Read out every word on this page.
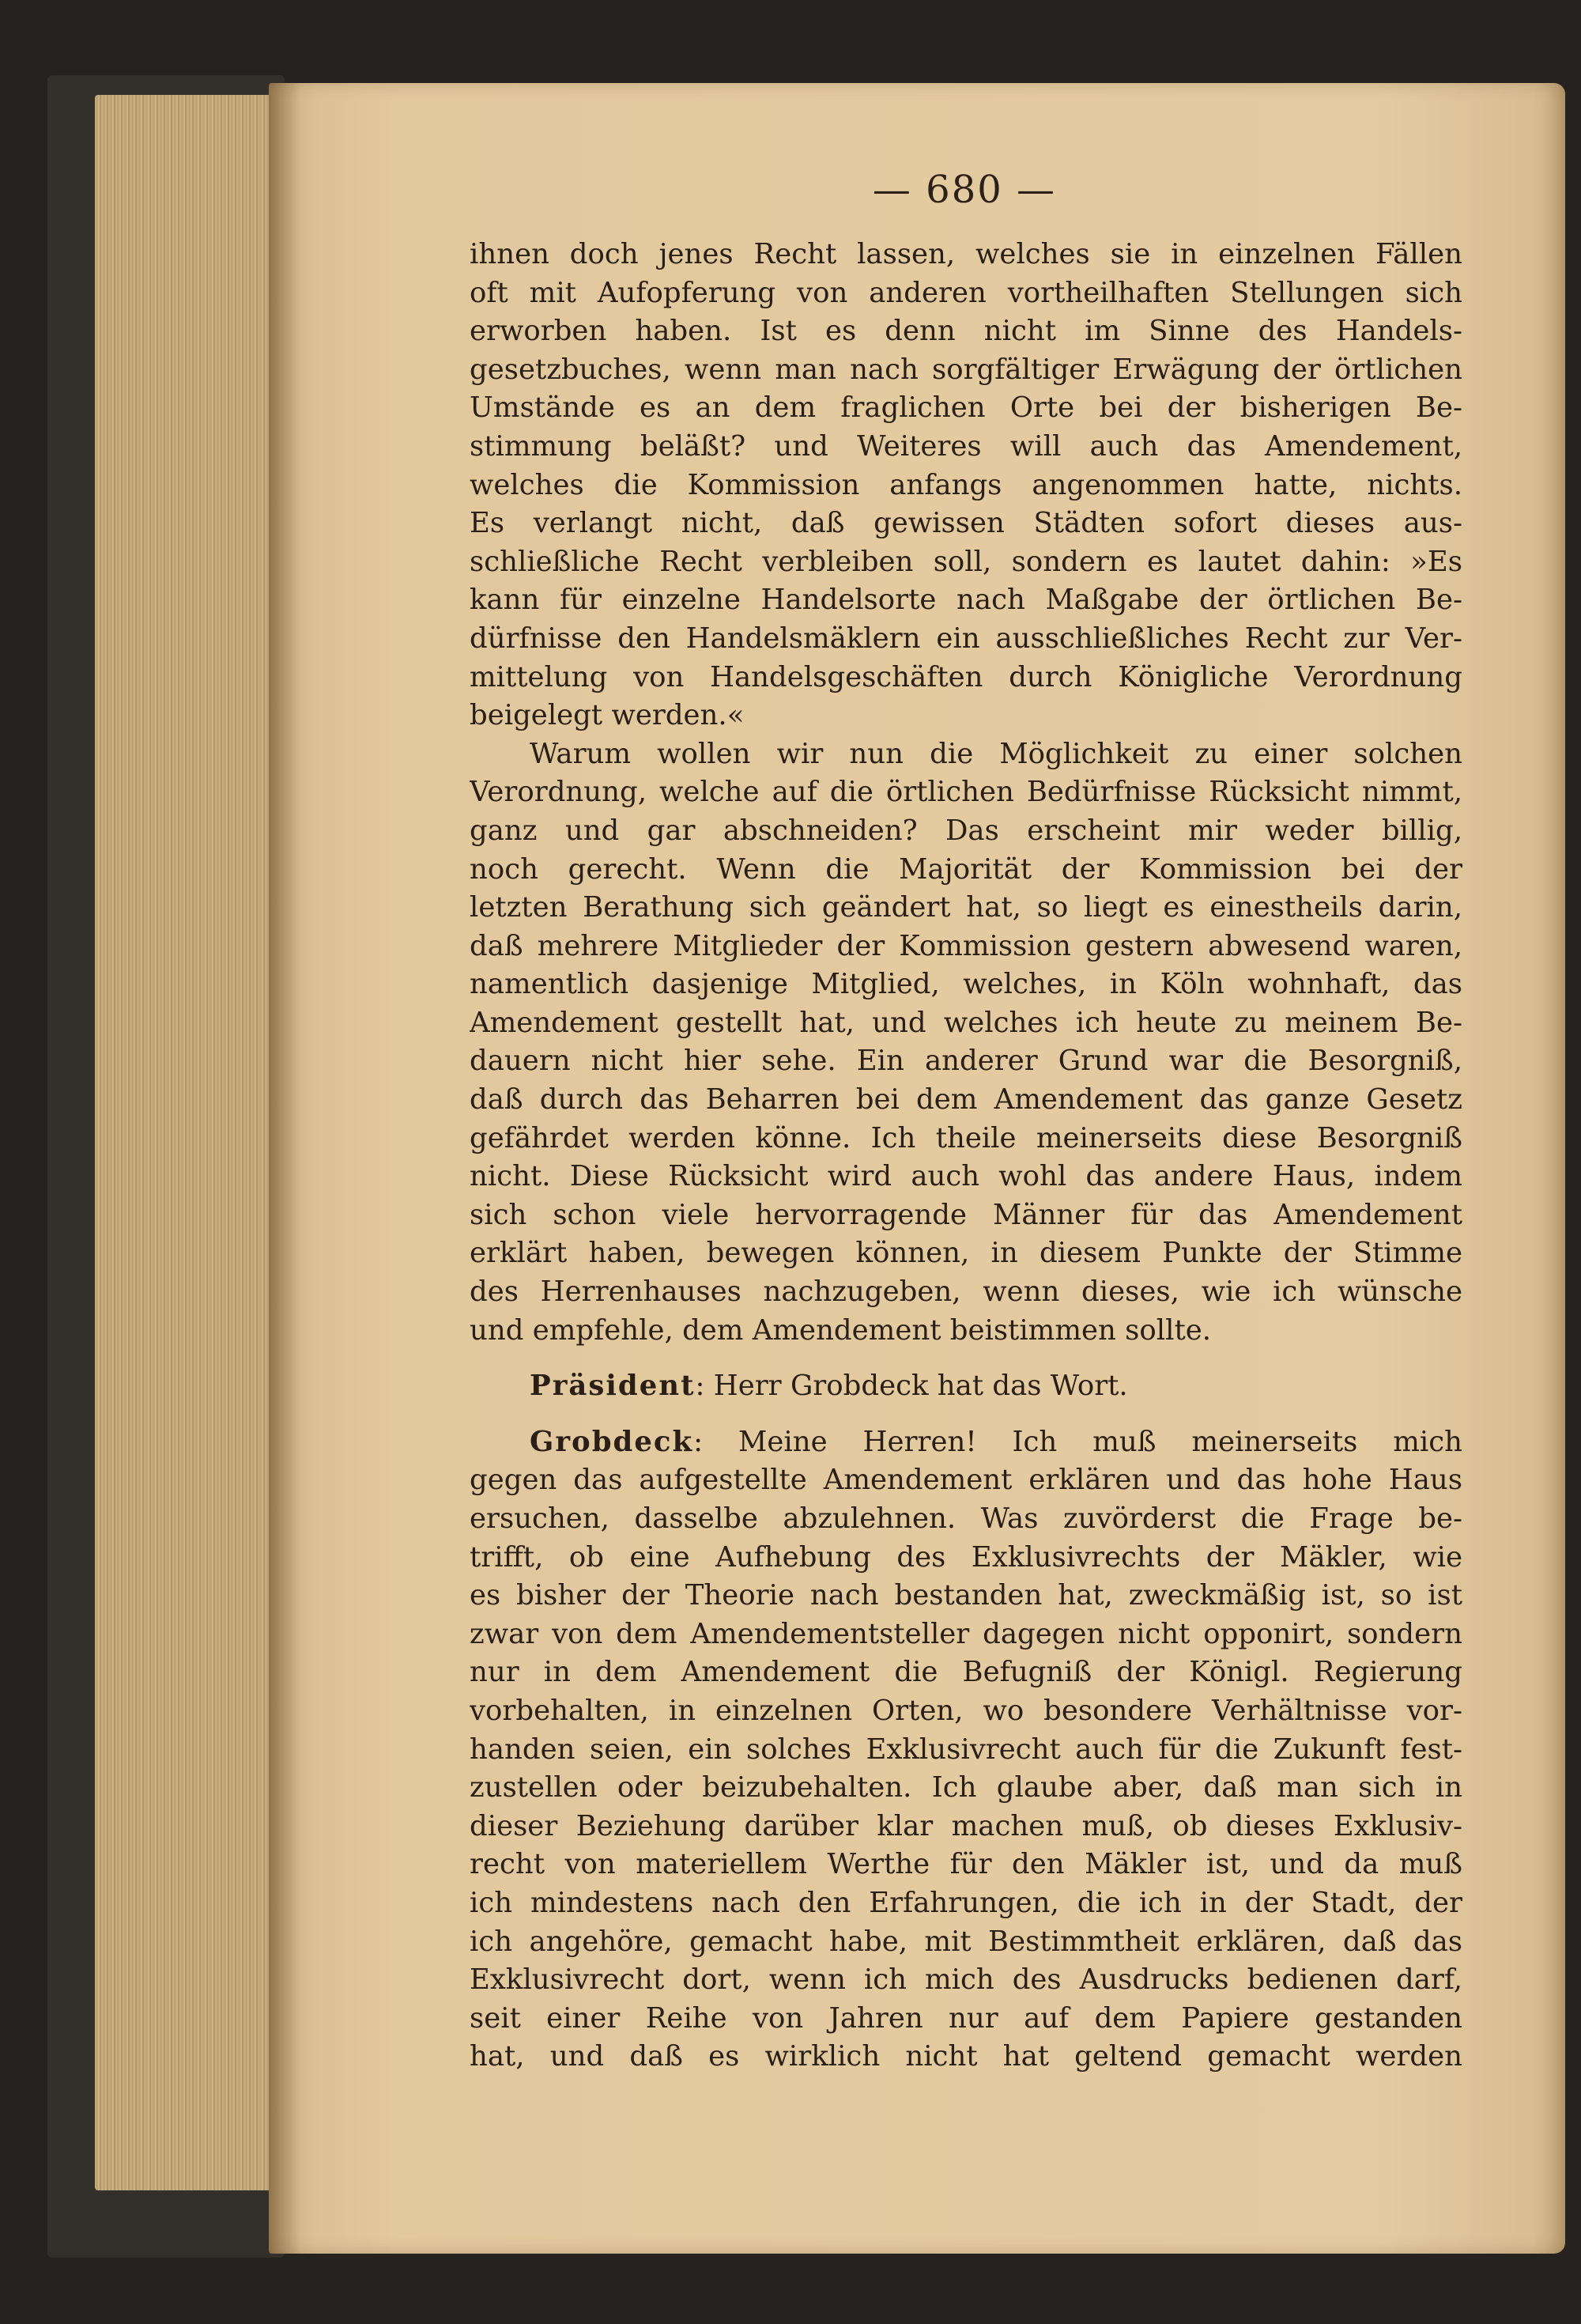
— 680 —
ihnen doch jenes Recht lassen, welches sie in einzelnen Fällen
oft mit Aufopferung von anderen vortheilhaften Stellungen sich
erworben haben. Ist es denn nicht im Sinne des Handels-
gesetzbuches, wenn man nach sorgfältiger Erwägung der örtlichen
Umstände es an dem fraglichen Orte bei der bisherigen Be-
stimmung beläßt? und Weiteres will auch das Amendement,
welches die Kommission anfangs angenommen hatte, nichts.
Es verlangt nicht, daß gewissen Städten sofort dieses aus-
schließliche Recht verbleiben soll, sondern es lautet dahin: »Es
kann für einzelne Handelsorte nach Maßgabe der örtlichen Be-
dürfnisse den Handelsmäklern ein ausschließliches Recht zur Ver-
mittelung von Handelsgeschäften durch Königliche Verordnung
beigelegt werden.«
Warum wollen wir nun die Möglichkeit zu einer solchen
Verordnung, welche auf die örtlichen Bedürfnisse Rücksicht nimmt,
ganz und gar abschneiden? Das erscheint mir weder billig,
noch gerecht. Wenn die Majorität der Kommission bei der
letzten Berathung sich geändert hat, so liegt es einestheils darin,
daß mehrere Mitglieder der Kommission gestern abwesend waren,
namentlich dasjenige Mitglied, welches, in Köln wohnhaft, das
Amendement gestellt hat, und welches ich heute zu meinem Be-
dauern nicht hier sehe. Ein anderer Grund war die Besorgniß,
daß durch das Beharren bei dem Amendement das ganze Gesetz
gefährdet werden könne. Ich theile meinerseits diese Besorgniß
nicht. Diese Rücksicht wird auch wohl das andere Haus, indem
sich schon viele hervorragende Männer für das Amendement
erklärt haben, bewegen können, in diesem Punkte der Stimme
des Herrenhauses nachzugeben, wenn dieses, wie ich wünsche
und empfehle, dem Amendement beistimmen sollte.
Präsident: Herr Grobdeck hat das Wort.
Grobdeck: Meine Herren! Ich muß meinerseits mich
gegen das aufgestellte Amendement erklären und das hohe Haus
ersuchen, dasselbe abzulehnen. Was zuvörderst die Frage be-
trifft, ob eine Aufhebung des Exklusivrechts der Mäkler, wie
es bisher der Theorie nach bestanden hat, zweckmäßig ist, so ist
zwar von dem Amendementsteller dagegen nicht opponirt, sondern
nur in dem Amendement die Befugniß der Königl. Regierung
vorbehalten, in einzelnen Orten, wo besondere Verhältnisse vor-
handen seien, ein solches Exklusivrecht auch für die Zukunft fest-
zustellen oder beizubehalten. Ich glaube aber, daß man sich in
dieser Beziehung darüber klar machen muß, ob dieses Exklusiv-
recht von materiellem Werthe für den Mäkler ist, und da muß
ich mindestens nach den Erfahrungen, die ich in der Stadt, der
ich angehöre, gemacht habe, mit Bestimmtheit erklären, daß das
Exklusivrecht dort, wenn ich mich des Ausdrucks bedienen darf,
seit einer Reihe von Jahren nur auf dem Papiere gestanden
hat, und daß es wirklich nicht hat geltend gemacht werden
